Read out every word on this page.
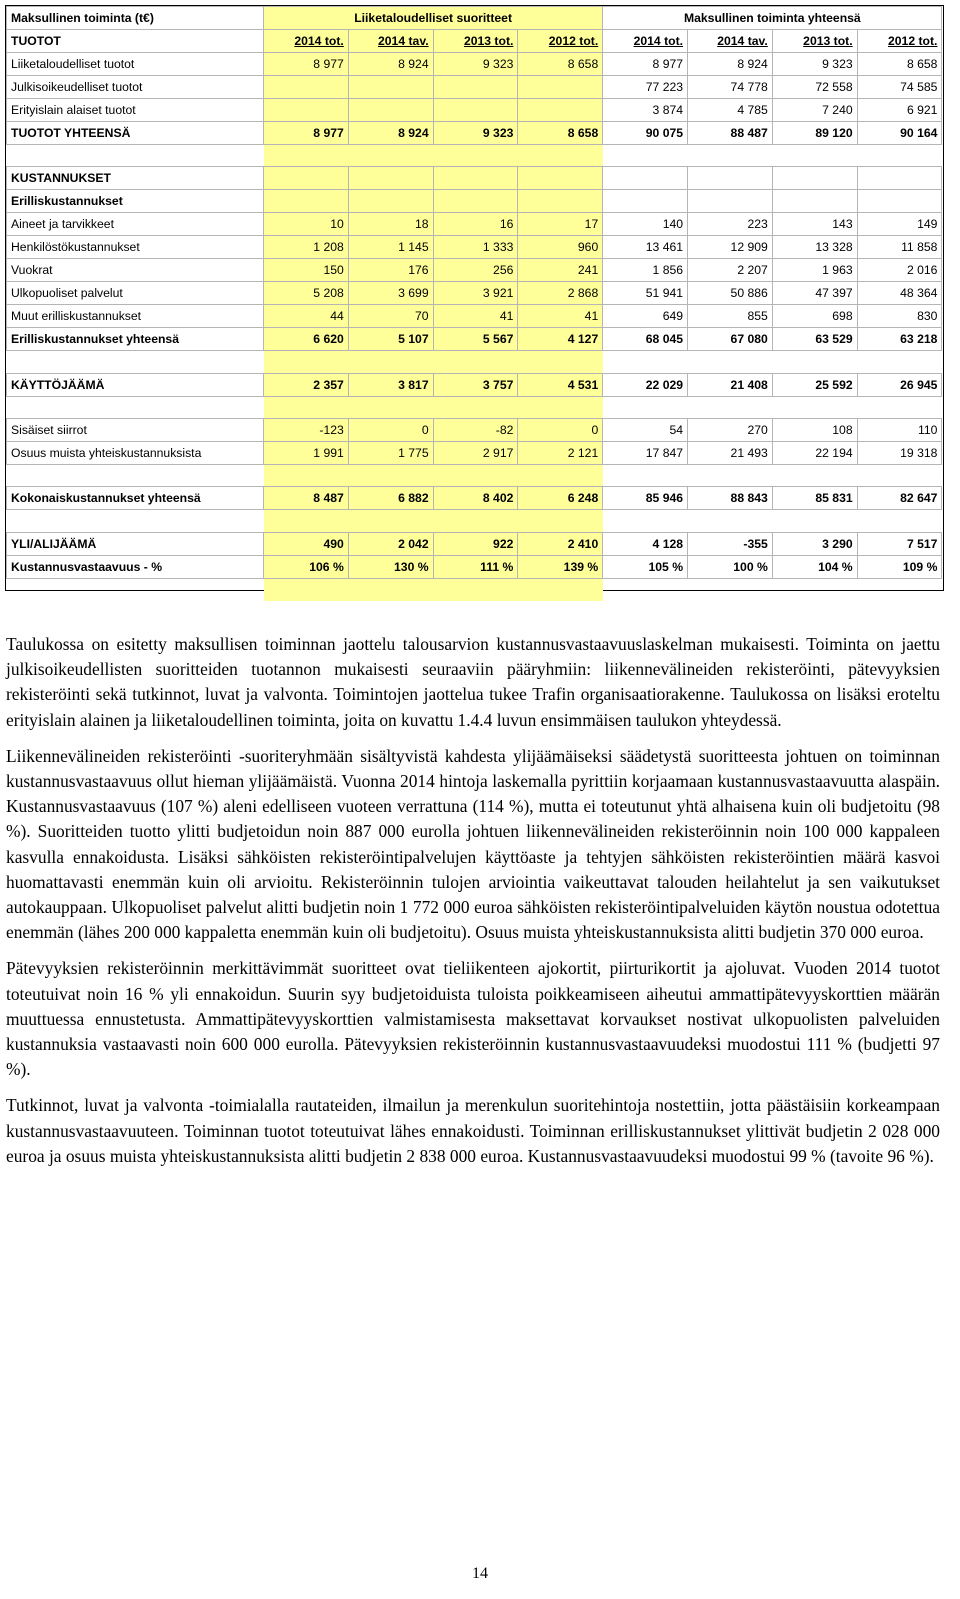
Maksullinen toiminta (t€)	Liiketaloudelliset suoritteet				Maksullinen toiminta yhteensä			
TUOTOT	2014 tot.	2014 tav.	2013 tot.	2012 tot.	2014 tot.	2014 tav.	2013 tot.	2012 tot.
Liiketaloudelliset tuotot	8 977	8 924	9 323	8 658	8 977	8 924	9 323	8 658
Julkisoikeudelliset tuotot					77 223	74 778	72 558	74 585
Erityislain alaiset tuotot					3 874	4 785	7 240	6 921
TUOTOT YHTEENSÄ	8 977	8 924	9 323	8 658	90 075	88 487	89 120	90 164

KUSTANNUKSET								
Erilliskustannukset								
Aineet ja tarvikkeet	10	18	16	17	140	223	143	149
Henkilöstökustannukset	1 208	1 145	1 333	960	13 461	12 909	13 328	11 858
Vuokrat	150	176	256	241	1 856	2 207	1 963	2 016
Ulkopuoliset palvelut	5 208	3 699	3 921	2 868	51 941	50 886	47 397	48 364
Muut erilliskustannukset	44	70	41	41	649	855	698	830
Erilliskustannukset yhteensä	6 620	5 107	5 567	4 127	68 045	67 080	63 529	63 218

KÄYTTÖJÄÄMÄ	2 357	3 817	3 757	4 531	22 029	21 408	25 592	26 945

Sisäiset siirrot	-123	0	-82	0	54	270	108	110
Osuus muista yhteiskustannuksista	1 991	1 775	2 917	2 121	17 847	21 493	22 194	19 318

Kokonaiskustannukset yhteensä	8 487	6 882	8 402	6 248	85 946	88 843	85 831	82 647

YLI/ALIJÄÄMÄ	490	2 042	922	2 410	4 128	-355	3 290	7 517
Kustannusvastaavuus - %	106 %	130 %	111 %	139 %	105 %	100 %	104 %	109 %

Taulukossa on esitetty maksullisen toiminnan jaottelu talousarvion kustannusvastaavuuslaskelman mukaisesti. Toiminta on jaettu julkisoikeudellisten suoritteiden tuotannon mukaisesti seuraaviin pääryhmiin: liikennevälineiden rekisteröinti, pätevyyksien rekisteröinti sekä tutkinnot, luvat ja valvonta. Toimintojen jaottelua tukee Trafin organisaatiorakenne. Taulukossa on lisäksi eroteltu erityislain alainen ja liiketaloudellinen toiminta, joita on kuvattu 1.4.4 luvun ensimmäisen taulukon yhteydessä.

Liikennevälineiden rekisteröinti -suoriteryhmään sisältyvistä kahdesta ylijäämäiseksi säädetystä suoritteesta johtuen on toiminnan kustannusvastaavuus ollut hieman ylijäämäistä. Vuonna 2014 hintoja laskemalla pyrittiin korjaamaan kustannusvastaavuutta alaspäin. Kustannusvastaavuus (107 %) aleni edelliseen vuoteen verrattuna (114 %), mutta ei toteutunut yhtä alhaisena kuin oli budjetoitu (98 %). Suoritteiden tuotto ylitti budjetoidun noin 887 000 eurolla johtuen liikennevälineiden rekisteröinnin noin 100 000 kappaleen kasvulla ennakoidusta. Lisäksi sähköisten rekisteröintipalvelujen käyttöaste ja tehtyjen sähköisten rekisteröintien määrä kasvoi huomattavasti enemmän kuin oli arvioitu. Rekisteröinnin tulojen arviointia vaikeuttavat talouden heilahtelut ja sen vaikutukset autokauppaan. Ulkopuoliset palvelut alitti budjetin noin 1 772 000 euroa sähköisten rekisteröintipalveluiden käytön noustua odotettua enemmän (lähes 200 000 kappaletta enemmän kuin oli budjetoitu). Osuus muista yhteiskustannuksista alitti budjetin 370 000 euroa.

Pätevyyksien rekisteröinnin merkittävimmät suoritteet ovat tieliikenteen ajokortit, piirturikortit ja ajoluvat. Vuoden 2014 tuotot toteutuivat noin 16 % yli ennakoidun. Suurin syy budjetoiduista tuloista poikkeamiseen aiheutui ammattipätevyyskorttien määrän muuttuessa ennustetusta. Ammattipätevyyskorttien valmistamisesta maksettavat korvaukset nostivat ulkopuolisten palveluiden kustannuksia vastaavasti noin 600 000 eurolla. Pätevyyksien rekisteröinnin kustannusvastaavuudeksi muodostui 111 % (budjetti 97 %).

Tutkinnot, luvat ja valvonta -toimialalla rautateiden, ilmailun ja merenkulun suoritehintoja nostettiin, jotta päästäisiin korkeampaan kustannusvastaavuuteen. Toiminnan tuotot toteutuivat lähes ennakoidusti. Toiminnan erilliskustannukset ylittivät budjetin 2 028 000 euroa ja osuus muista yhteiskustannuksista alitti budjetin 2 838 000 euroa. Kustannusvastaavuudeksi muodostui 99 % (tavoite 96 %).

14
